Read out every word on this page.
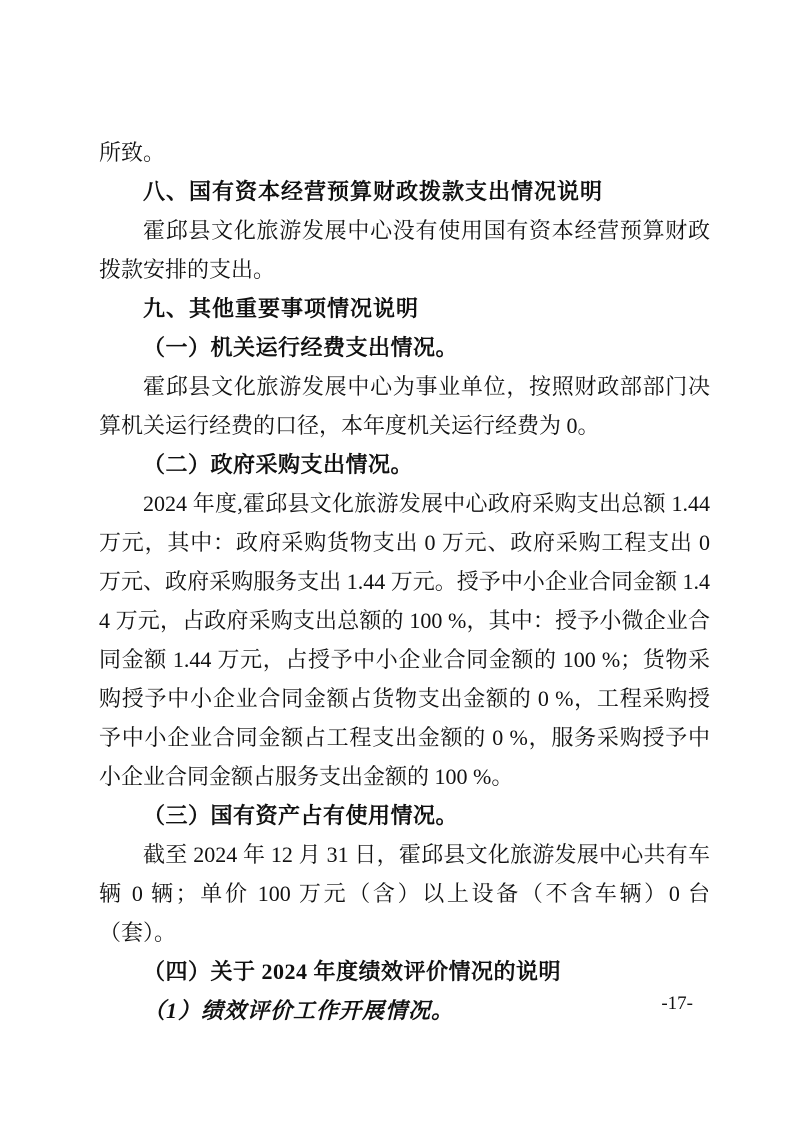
所致。

八、国有资本经营预算财政拨款支出情况说明

霍邱县文化旅游发展中心没有使用国有资本经营预算财政拨款安排的支出。

九、其他重要事项情况说明

（一）机关运行经费支出情况。

霍邱县文化旅游发展中心为事业单位，按照财政部部门决算机关运行经费的口径，本年度机关运行经费为 0。

（二）政府采购支出情况。

2024 年度,霍邱县文化旅游发展中心政府采购支出总额 1.44 万元，其中：政府采购货物支出 0 万元、政府采购工程支出 0 万元、政府采购服务支出 1.44 万元。授予中小企业合同金额 1.44 万元，占政府采购支出总额的 100 %，其中：授予小微企业合同金额 1.44 万元，占授予中小企业合同金额的 100 %；货物采购授予中小企业合同金额占货物支出金额的 0 %，工程采购授予中小企业合同金额占工程支出金额的 0 %，服务采购授予中小企业合同金额占服务支出金额的 100 %。

（三）国有资产占有使用情况。

截至 2024 年 12 月 31 日，霍邱县文化旅游发展中心共有车辆 0 辆；单价 100 万元（含）以上设备（不含车辆）0 台（套）。

（四）关于 2024 年度绩效评价情况的说明

（1）绩效评价工作开展情况。	-17-
